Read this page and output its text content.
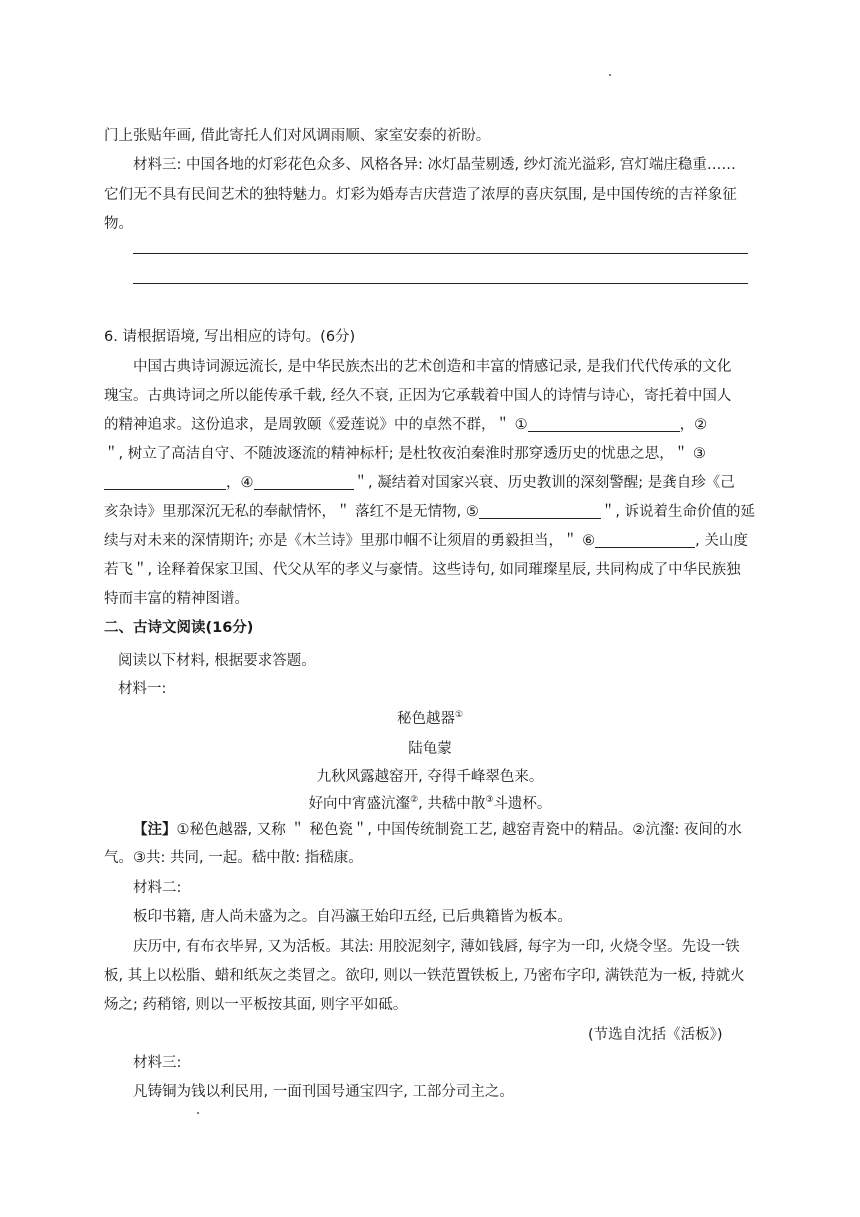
门上张贴年画, 借此寄托人们对风调雨顺、家室安泰的祈盼。
材料三: 中国各地的灯彩花色众多、风格各异: 冰灯晶莹剔透, 纱灯流光溢彩, 宫灯端庄稳重……
它们无不具有民间艺术的独特魅力。灯彩为婚寿吉庆营造了浓厚的喜庆氛围, 是中国传统的吉祥象征
物。
6. 请根据语境, 写出相应的诗句。(6分)
中国古典诗词源远流长, 是中华民族杰出的艺术创造和丰富的情感记录, 是我们代代传承的文化
瑰宝。古典诗词之所以能传承千载, 经久不衰, 正因为它承载着中国人的诗情与诗心，寄托着中国人
的精神追求。这份追求，是周敦颐《爱莲说》中的卓然不群，＂ ①	，②
＂, 树立了高洁自守、不随波逐流的精神标杆; 是杜牧夜泊秦淮时那穿透历史的忧患之思，＂ ③
，④	＂, 凝结着对国家兴衰、历史教训的深刻警醒; 是龚自珍《己
亥杂诗》里那深沉无私的奉献情怀，＂ 落红不是无情物, ⑤	＂, 诉说着生命价值的延
续与对未来的深情期许; 亦是《木兰诗》里那巾帼不让须眉的勇毅担当，＂ ⑥	, 关山度
若飞＂, 诠释着保家卫国、代父从军的孝义与豪情。这些诗句, 如同璀璨星辰, 共同构成了中华民族独
特而丰富的精神图谱。
二、古诗文阅读(16分)
阅读以下材料, 根据要求答题。
材料一:
秘色越器①
陆龟蒙
九秋风露越窑开, 夺得千峰翠色来。
好向中宵盛沆瀣②, 共嵇中散③斗遗杯。
【注】①秘色越器, 又称 ＂ 秘色瓷＂, 中国传统制瓷工艺, 越窑青瓷中的精品。②沆瀣: 夜间的水
气。③共: 共同, 一起。嵇中散: 指嵇康。
材料二:
板印书籍, 唐人尚未盛为之。自冯瀛王始印五经, 已后典籍皆为板本。
庆历中, 有布衣毕昇, 又为活板。其法: 用胶泥刻字, 薄如钱唇, 每字为一印, 火烧令坚。先设一铁
板, 其上以松脂、蜡和纸灰之类冒之。欲印, 则以一铁范置铁板上, 乃密布字印, 满铁范为一板, 持就火
炀之; 药稍镕, 则以一平板按其面, 则字平如砥。
(节选自沈括《活板》)
材料三:
凡铸铜为钱以利民用, 一面刊国号通宝四字, 工部分司主之。
